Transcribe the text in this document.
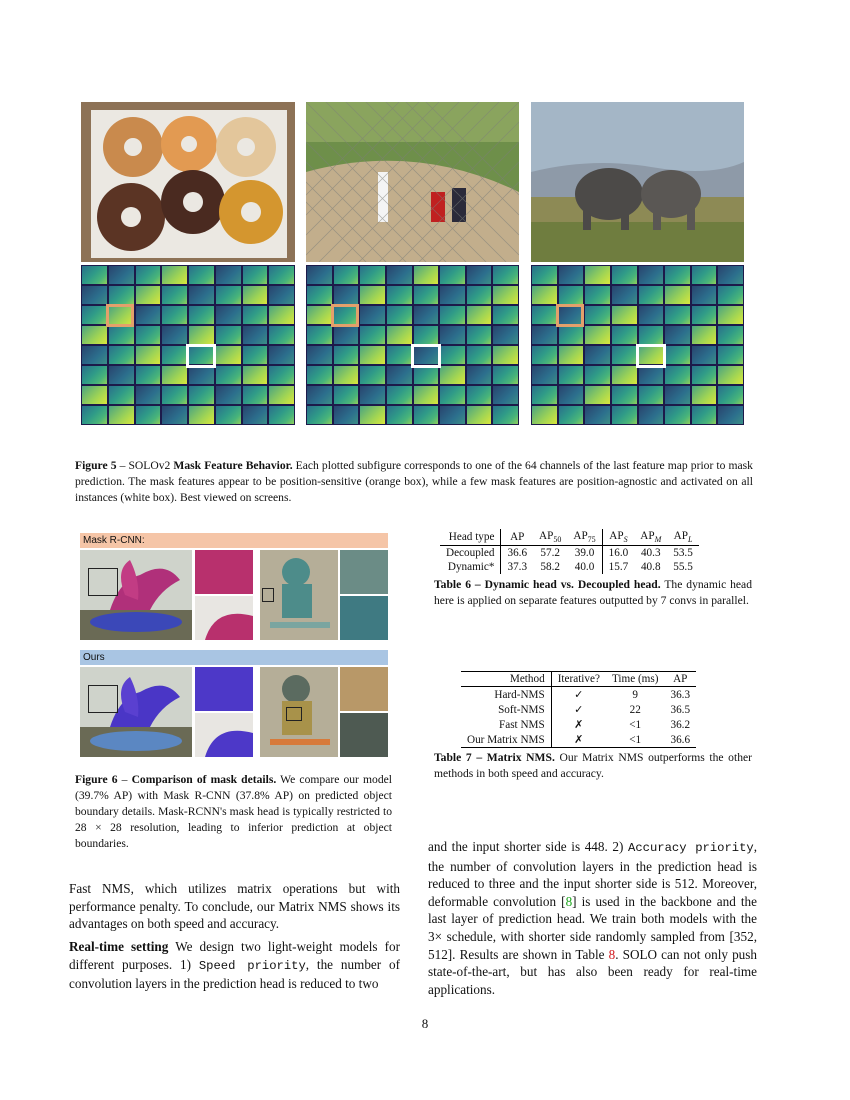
Figure 5 – SOLOv2 Mask Feature Behavior. Each plotted subfigure corresponds to one of the 64 channels of the last feature map prior to mask prediction. The mask features appear to be position-sensitive (orange box), while a few mask features are position-agnostic and activated on all instances (white box). Best viewed on screens.
Mask R-CNN:
Ours
Figure 6 – Comparison of mask details. We compare our model (39.7% AP) with Mask R-CNN (37.8% AP) on predicted object boundary details. Mask-RCNN's mask head is typically restricted to 28 × 28 resolution, leading to inferior prediction at object boundaries.
Head type	AP	$AP_{50}$	$AP_{75}$	$AP_S$	$AP_M$	$AP_L$
Decoupled	36.6	57.2	39.0	16.0	40.3	53.5
Dynamic*	37.3	58.2	40.0	15.7	40.8	55.5
Table 6 – Dynamic head vs. Decoupled head. The dynamic head here is applied on separate features outputted by 7 convs in parallel.
Method	Iterative?	Time (ms)	AP
Hard-NMS	✓	9	36.3
Soft-NMS	✓	22	36.5
Fast NMS	✗	<1	36.2
Our Matrix NMS	✗	<1	36.6
Table 7 – Matrix NMS. Our Matrix NMS outperforms the other methods in both speed and accuracy.
Fast NMS, which utilizes matrix operations but with performance penalty. To conclude, our Matrix NMS shows its advantages on both speed and accuracy.
Real-time setting We design two light-weight models for different purposes. 1) Speed priority, the number of convolution layers in the prediction head is reduced to two
and the input shorter side is 448. 2) Accuracy priority, the number of convolution layers in the prediction head is reduced to three and the input shorter side is 512. Moreover, deformable convolution [8] is used in the backbone and the last layer of prediction head. We train both models with the 3× schedule, with shorter side randomly sampled from [352, 512]. Results are shown in Table 8. SOLO can not only push state-of-the-art, but has also been ready for real-time applications.
8
